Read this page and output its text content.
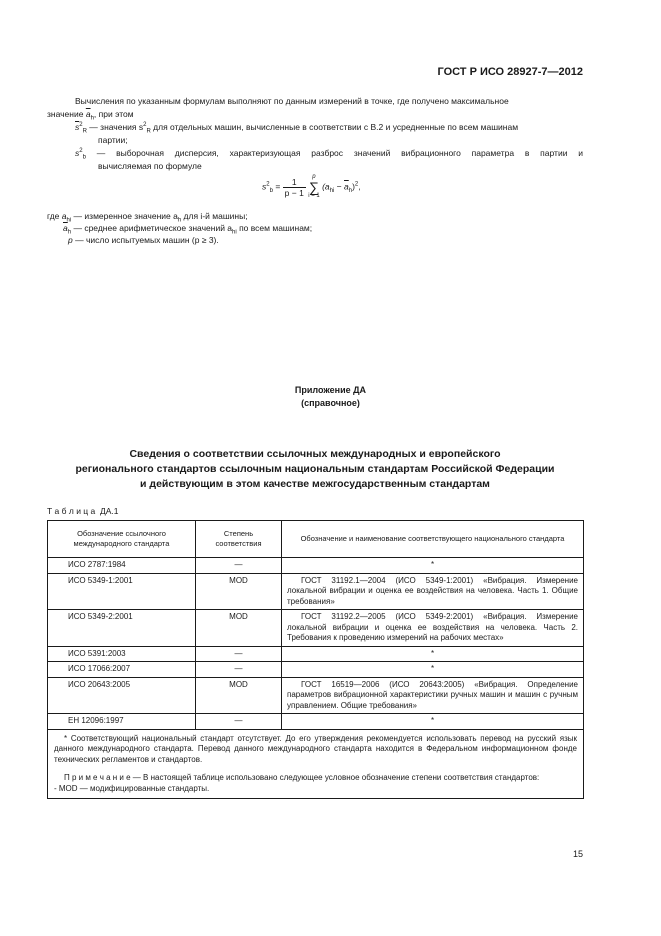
ГОСТ Р ИСО 28927-7—2012
Вычисления по указанным формулам выполняют по данным измерений в точке, где получено максимальное
значение $\overline{a}_h$, при этом
$\overline{s}^2_R$ — значения $s^2_R$ для отдельных машин, вычисленные в соответствии с В.2 и усредненные по всем машинам
партии;
$s^2_b$ — выборочная дисперсия, характеризующая разброс значений вибрационного параметра в партии и
вычисляемая по формуле
$s^2_b = \frac{1}{p - 1}$ p
∑
i = 1 $(a_{hi} - \overline{a}_h)^2$,
где $a_{hi}$ — измеренное значение $a_h$ для i-й машины;
$\overline{a}_h$ — среднее арифметическое значений $a_{hi}$ по всем машинам;
p — число испытуемых машин (p ≥ 3).
Приложение ДА
(справочное)
Сведения о соответствии ссылочных международных и европейского
регионального стандартов ссылочным национальным стандартам Российской Федерации
и действующим в этом качестве межгосударственным стандартам
Т а б л и ц а  ДА.1
Обозначение ссылочного международного стандарта	Степень соответствия	Обозначение и наименование соответствующего национального стандарта
ИСО 2787:1984	—	*
ИСО 5349-1:2001	MOD	ГОСТ 31192.1—2004 (ИСО 5349-1:2001) «Вибрация. Измерение локальной вибрации и оценка ее воздействия на человека. Часть 1. Общие требования»
ИСО 5349-2:2001	MOD	ГОСТ 31192.2—2005 (ИСО 5349-2:2001) «Вибрация. Измерение локальной вибрации и оценка ее воздействия на человека. Часть 2. Требования к проведению измерений на рабочих местах»
ИСО 5391:2003	—	*
ИСО 17066:2007	—	*
ИСО 20643:2005	MOD	ГОСТ 16519—2006 (ИСО 20643:2005) «Вибрация. Определение параметров вибрационной характеристики ручных машин и машин с ручным управлением. Общие требования»
ЕН 12096:1997	—	*

* Соответствующий национальный стандарт отсутствует. До его утверждения рекомендуется использовать перевод на русский язык данного международного стандарта. Перевод данного международного стандарта находится в Федеральном информационном фонде технических регламентов и стандартов.
П р и м е ч а н и е — В настоящей таблице использовано следующее условное обозначение степени соответствия стандартов:
- MOD — модифицированные стандарты.		
15
